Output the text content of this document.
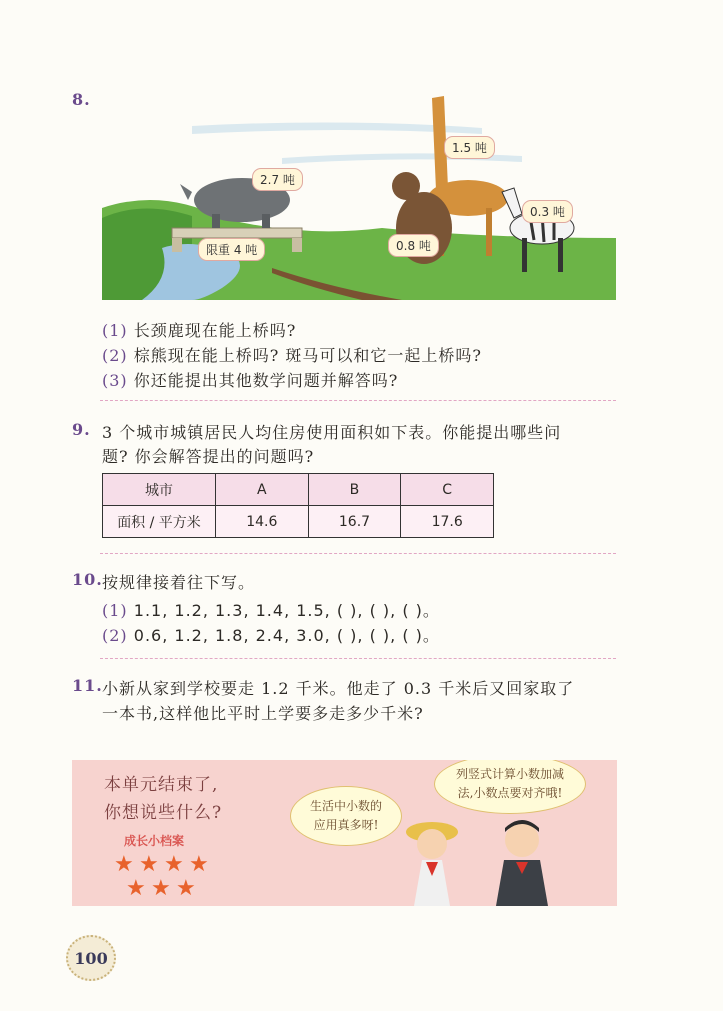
8.
2.7 吨
1.5 吨
0.3 吨
0.8 吨
限重 4 吨
(1) 长颈鹿现在能上桥吗?
(2) 棕熊现在能上桥吗? 斑马可以和它一起上桥吗?
(3) 你还能提出其他数学问题并解答吗?
9. 3 个城市城镇居民人均住房使用面积如下表。你能提出哪些问
题? 你会解答提出的问题吗?
城市	A	B	C
面积 / 平方米	14.6	16.7	17.6
10. 按规律接着往下写。
(1) 1.1, 1.2, 1.3, 1.4, 1.5, ( ), ( ), ( )。
(2) 0.6, 1.2, 1.8, 2.4, 3.0, ( ), ( ), ( )。
11. 小新从家到学校要走 1.2 千米。他走了 0.3 千米后又回家取了
一本书,这样他比平时上学要多走多少千米?
本单元结束了,
你想说些什么?
成长小档案
★ ★ ★ ★
★ ★ ★
生活中小数的
应用真多呀!
列竖式计算小数加减
法,小数点要对齐哦!
100
